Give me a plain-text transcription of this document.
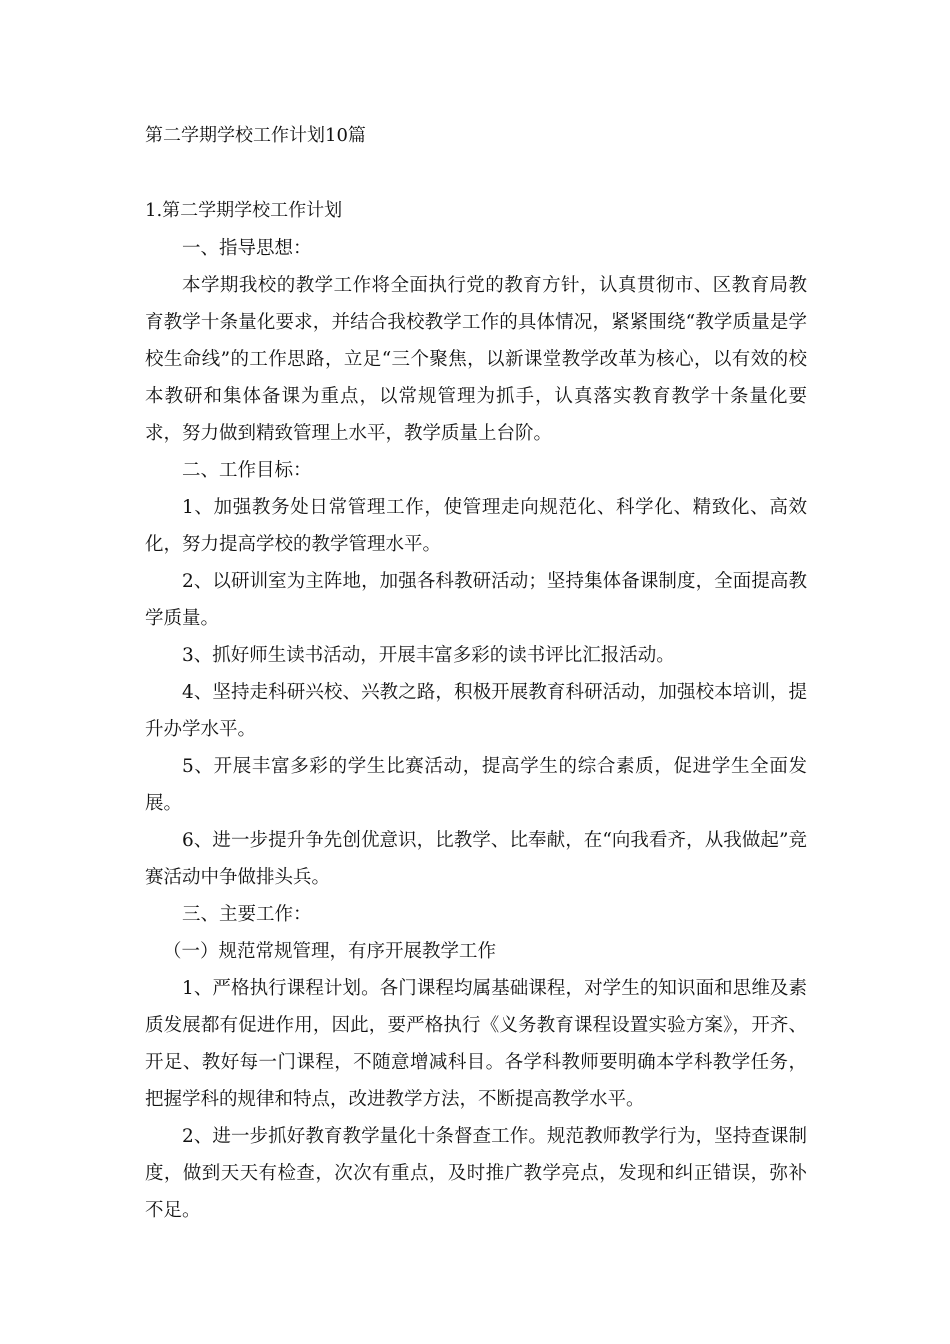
第二学期学校工作计划10篇
1.第二学期学校工作计划

一、指导思想：

本学期我校的教学工作将全面执行党的教育方针，认真贯彻市、区教育局教育教学十条量化要求，并结合我校教学工作的具体情况，紧紧围绕“教学质量是学校生命线”的工作思路，立足“三个聚焦，以新课堂教学改革为核心，以有效的校本教研和集体备课为重点，以常规管理为抓手，认真落实教育教学十条量化要求，努力做到精致管理上水平，教学质量上台阶。

二、工作目标：

1、加强教务处日常管理工作，使管理走向规范化、科学化、精致化、高效化，努力提高学校的教学管理水平。

2、以研训室为主阵地，加强各科教研活动；坚持集体备课制度，全面提高教学质量。

3、抓好师生读书活动，开展丰富多彩的读书评比汇报活动。

4、坚持走科研兴校、兴教之路，积极开展教育科研活动，加强校本培训，提升办学水平。

5、开展丰富多彩的学生比赛活动，提高学生的综合素质，促进学生全面发展。

6、进一步提升争先创优意识，比教学、比奉献，在“向我看齐，从我做起”竞赛活动中争做排头兵。

三、主要工作：

（一）规范常规管理，有序开展教学工作

1、严格执行课程计划。各门课程均属基础课程，对学生的知识面和思维及素质发展都有促进作用，因此，要严格执行《义务教育课程设置实验方案》，开齐、开足、教好每一门课程，不随意增减科目。各学科教师要明确本学科教学任务，把握学科的规律和特点，改进教学方法，不断提高教学水平。

2、进一步抓好教育教学量化十条督查工作。规范教师教学行为，坚持查课制度，做到天天有检查，次次有重点，及时推广教学亮点，发现和纠正错误，弥补不足。
